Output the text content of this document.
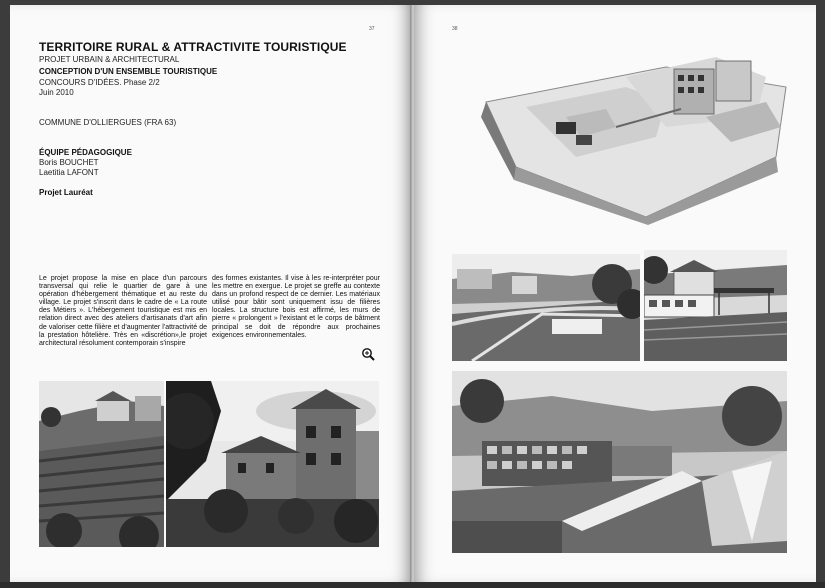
37
TERRITOIRE RURAL & ATTRACTIVITE TOURISTIQUE
PROJET URBAIN & ARCHITECTURAL
CONCEPTION D'UN ENSEMBLE TOURISTIQUE
CONCOURS D'IDÉES. Phase 2/2
Juin 2010
COMMUNE D'OLLIERGUES (FRA 63)
ÉQUIPE PÉDAGOGIQUE
Boris BOUCHET
Laetitia LAFONT
Projet Lauréat
Le projet propose la mise en place d'un parcours transversal qui relie le quartier de gare à une opération d'hébergement thématique et au reste du village. Le projet s'inscrit dans le cadre de « La route des Métiers ». L'hébergement touristique est mis en relation direct avec des ateliers d'artisanats d'art afin de valoriser cette filière et d'augmenter l'attractivité de la prestation hôtelière. Très en «discrétion»,le projet architectural résolument contemporain s'inspire
des formes existantes. Il vise à les re-interpréter pour les mettre en exergue. Le projet se greffe au contexte dans un profond respect de ce dernier. Les matériaux utilisé pour bâtir sont uniquement issu de filières locales. La structure bois est affirmé, les murs de pierre « prolongent » l'existant et le corps de bâtment principal se doit de répondre aux prochaines exigences environnementales.
38
